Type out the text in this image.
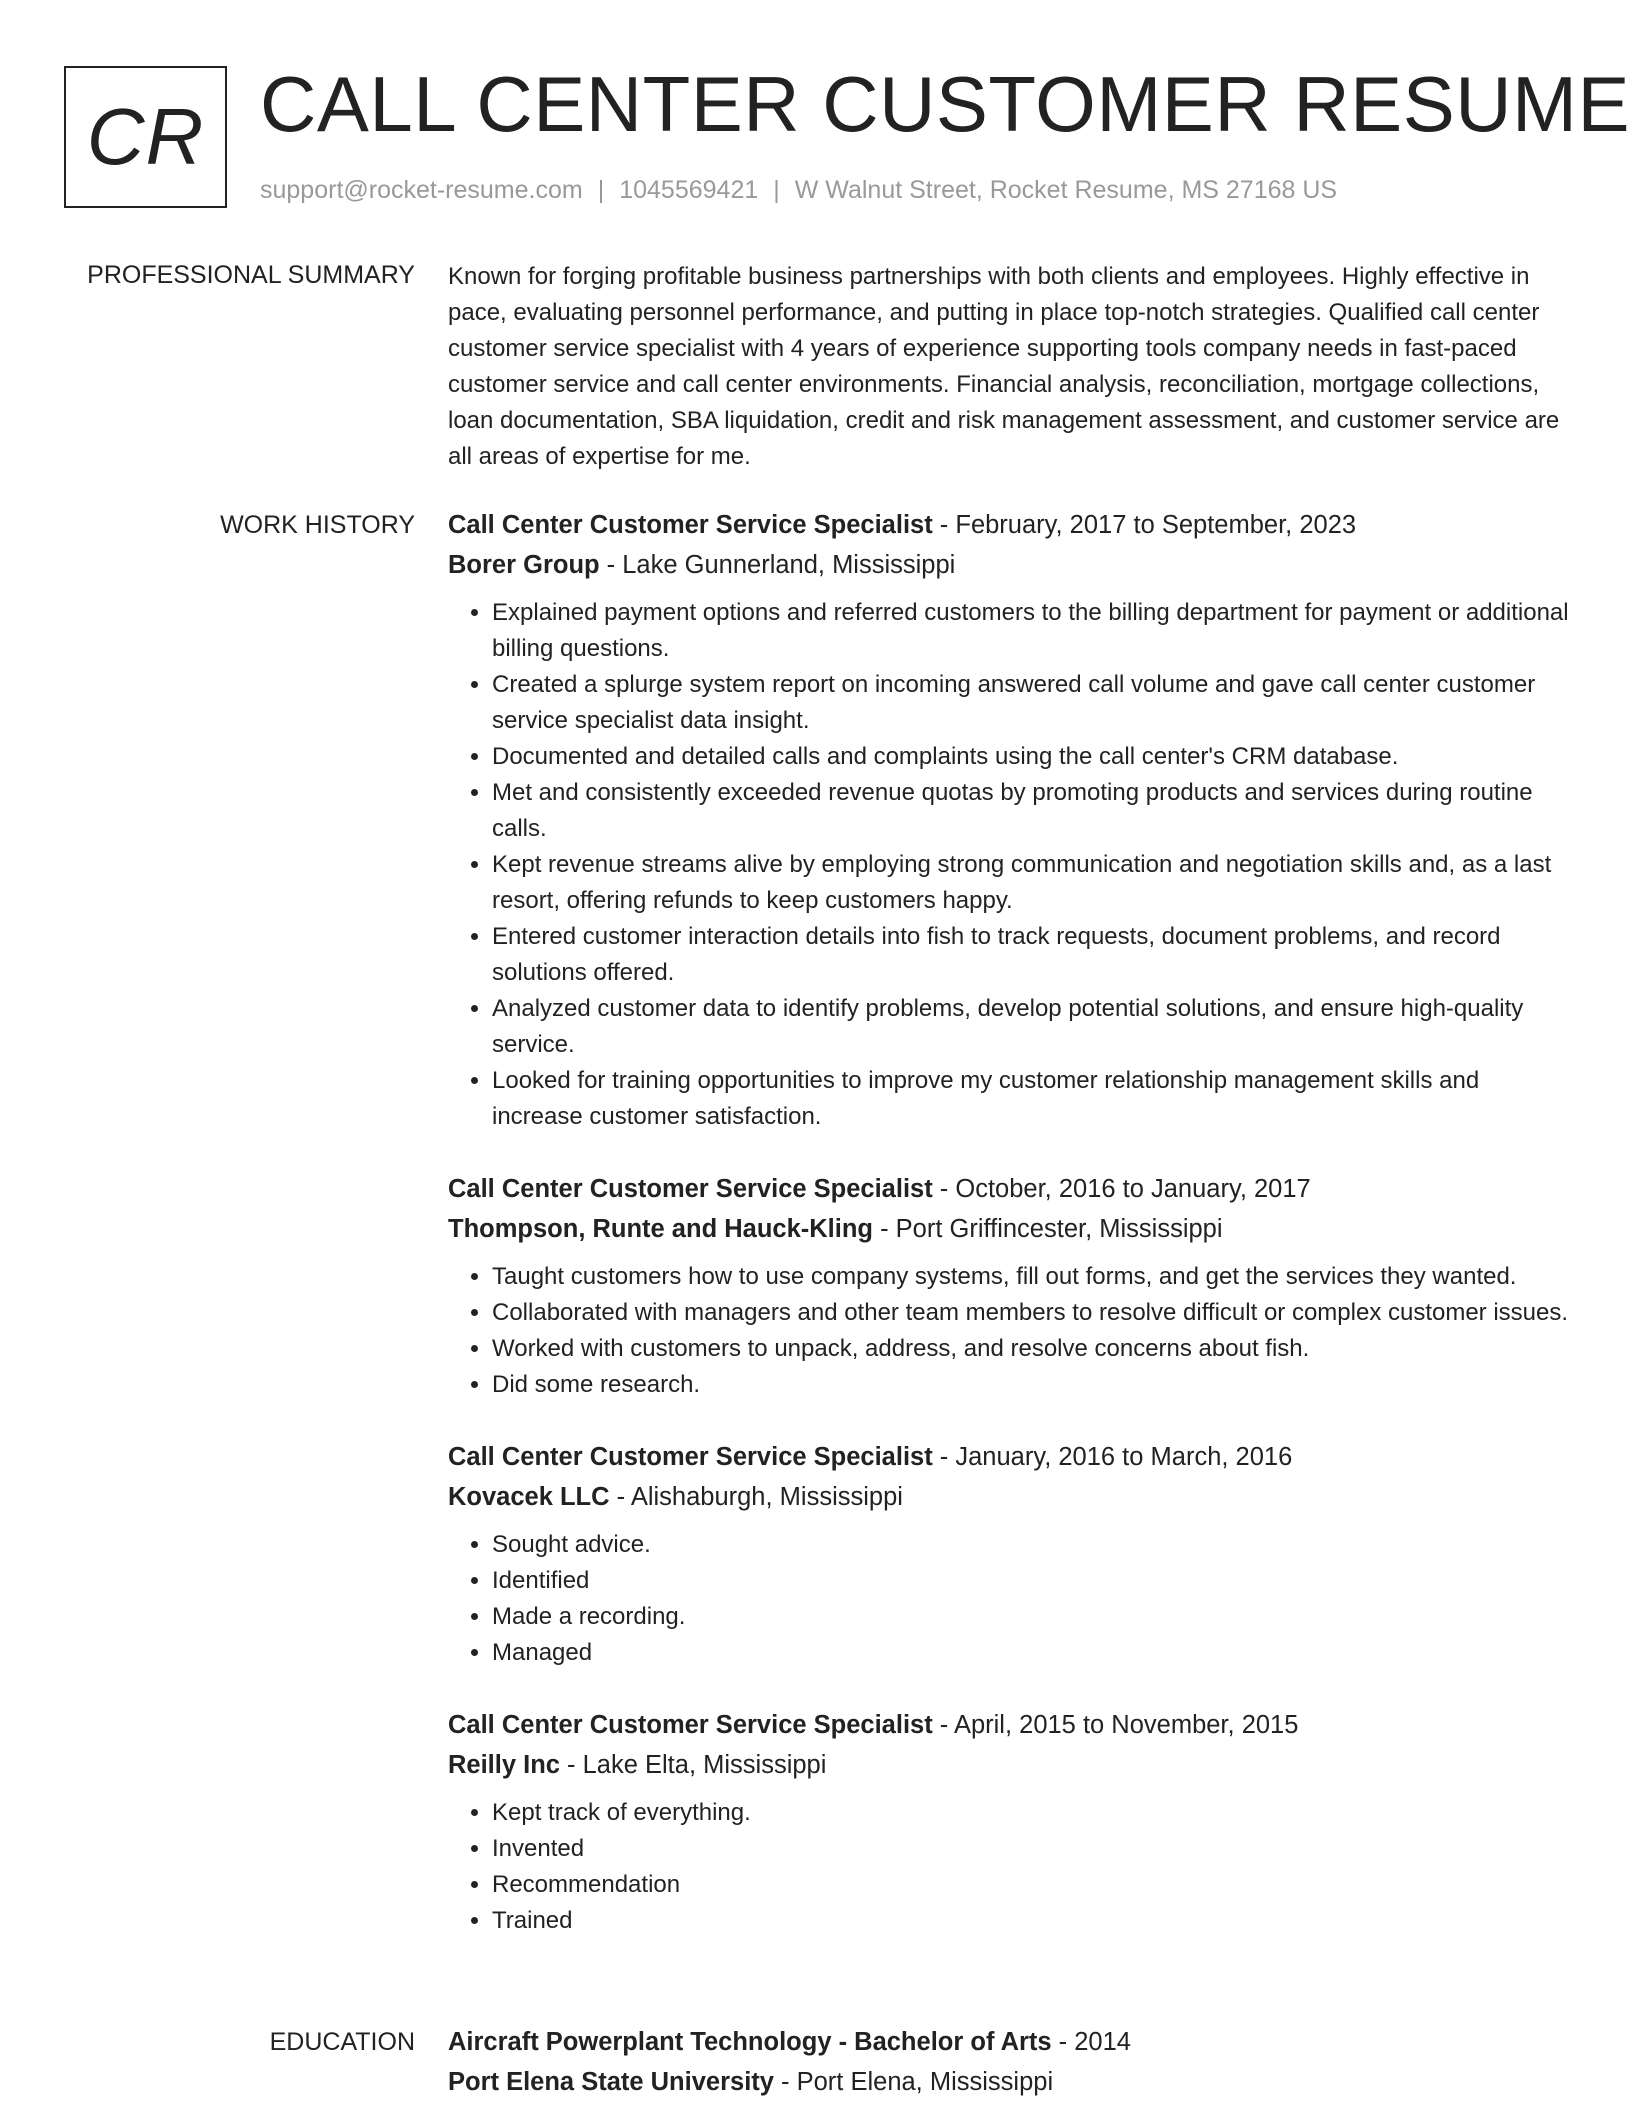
CR CALL CENTER CUSTOMER RESUME
support@rocket-resume.com | 1045569421 | W Walnut Street, Rocket Resume, MS 27168 US
PROFESSIONAL SUMMARY Known for forging profitable business partnerships with both clients and employees. Highly effective in pace, evaluating personnel performance, and putting in place top-notch strategies. Qualified call center customer service specialist with 4 years of experience supporting tools company needs in fast-paced customer service and call center environments. Financial analysis, reconciliation, mortgage collections, loan documentation, SBA liquidation, credit and risk management assessment, and customer service are all areas of expertise for me.

WORK HISTORY Call Center Customer Service Specialist - February, 2017 to September, 2023
Borer Group - Lake Gunnerland, Mississippi
• Explained payment options and referred customers to the billing department for payment or additional billing questions.
• Created a splurge system report on incoming answered call volume and gave call center customer service specialist data insight.
• Documented and detailed calls and complaints using the call center's CRM database.
• Met and consistently exceeded revenue quotas by promoting products and services during routine calls.
• Kept revenue streams alive by employing strong communication and negotiation skills and, as a last resort, offering refunds to keep customers happy.
• Entered customer interaction details into fish to track requests, document problems, and record solutions offered.
• Analyzed customer data to identify problems, develop potential solutions, and ensure high-quality service.
• Looked for training opportunities to improve my customer relationship management skills and increase customer satisfaction.
Call Center Customer Service Specialist - October, 2016 to January, 2017
Thompson, Runte and Hauck-Kling - Port Griffincester, Mississippi
• Taught customers how to use company systems, fill out forms, and get the services they wanted.
• Collaborated with managers and other team members to resolve difficult or complex customer issues.
• Worked with customers to unpack, address, and resolve concerns about fish.
• Did some research.
Call Center Customer Service Specialist - January, 2016 to March, 2016
Kovacek LLC - Alishaburgh, Mississippi
• Sought advice.
• Identified
• Made a recording.
• Managed
Call Center Customer Service Specialist - April, 2015 to November, 2015
Reilly Inc - Lake Elta, Mississippi
• Kept track of everything.
• Invented
• Recommendation
• Trained
EDUCATION Aircraft Powerplant Technology - Bachelor of Arts - 2014
Port Elena State University - Port Elena, Mississippi
